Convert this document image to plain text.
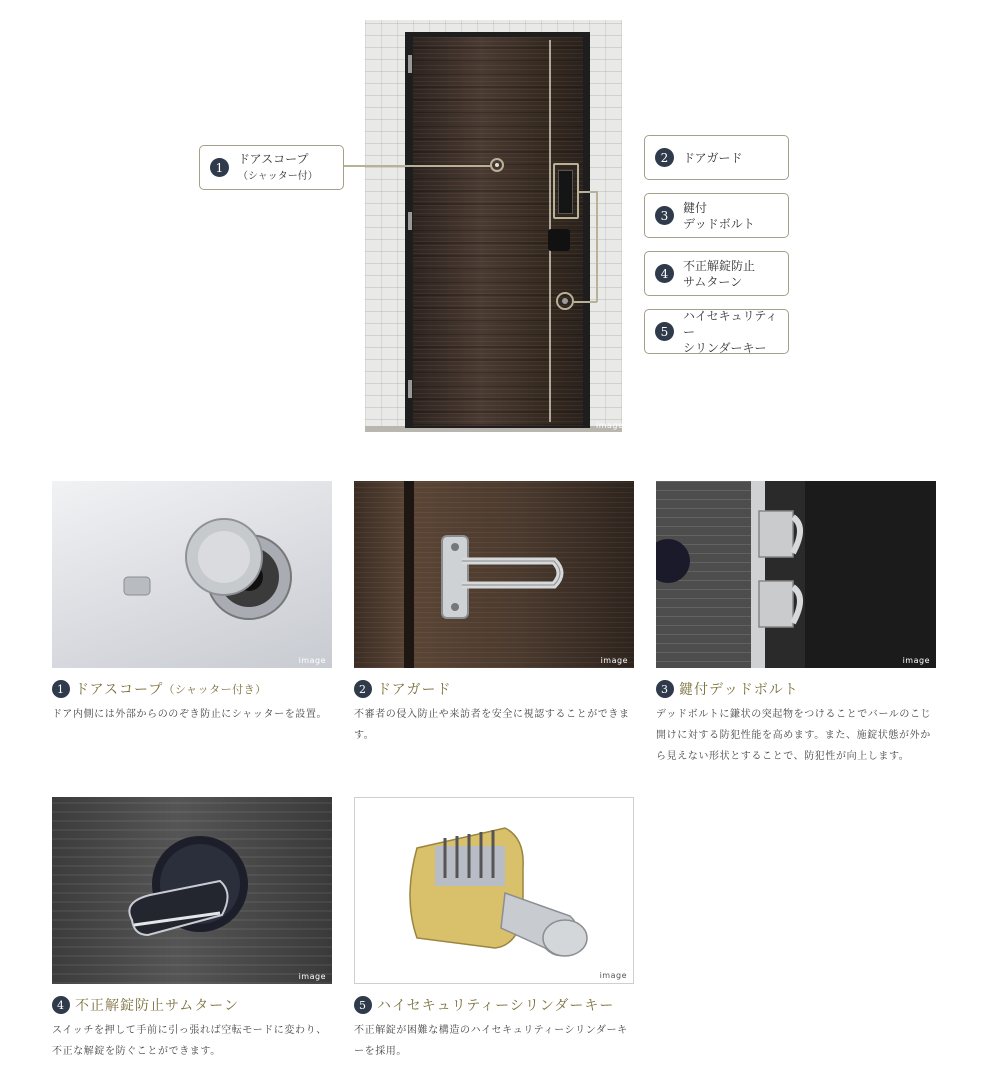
image
1
ドアスコープ
（シャッター付）
2	ドアガード
3
鍵付
デッドボルト
4
不正解錠防止
サムターン
5
ハイセキュリティー
シリンダーキー
image
1 ドアスコープ （シャッター付き）
ドア内側には外部からののぞき防止にシャッターを設置。
image
2 ドアガード
不審者の侵入防止や来訪者を安全に視認することができます。
image
3 鍵付デッドボルト
デッドボルトに鎌状の突起物をつけることでバールのこじ開けに対する防犯性能を高めます。また、施錠状態が外から見えない形状とすることで、防犯性が向上します。
image
4 不正解錠防止サムターン
スイッチを押して手前に引っ張れば空転モードに変わり、不正な解錠を防ぐことができます。
image
5 ハイセキュリティーシリンダーキー
不正解錠が困難な構造のハイセキュリティーシリンダーキーを採用。
